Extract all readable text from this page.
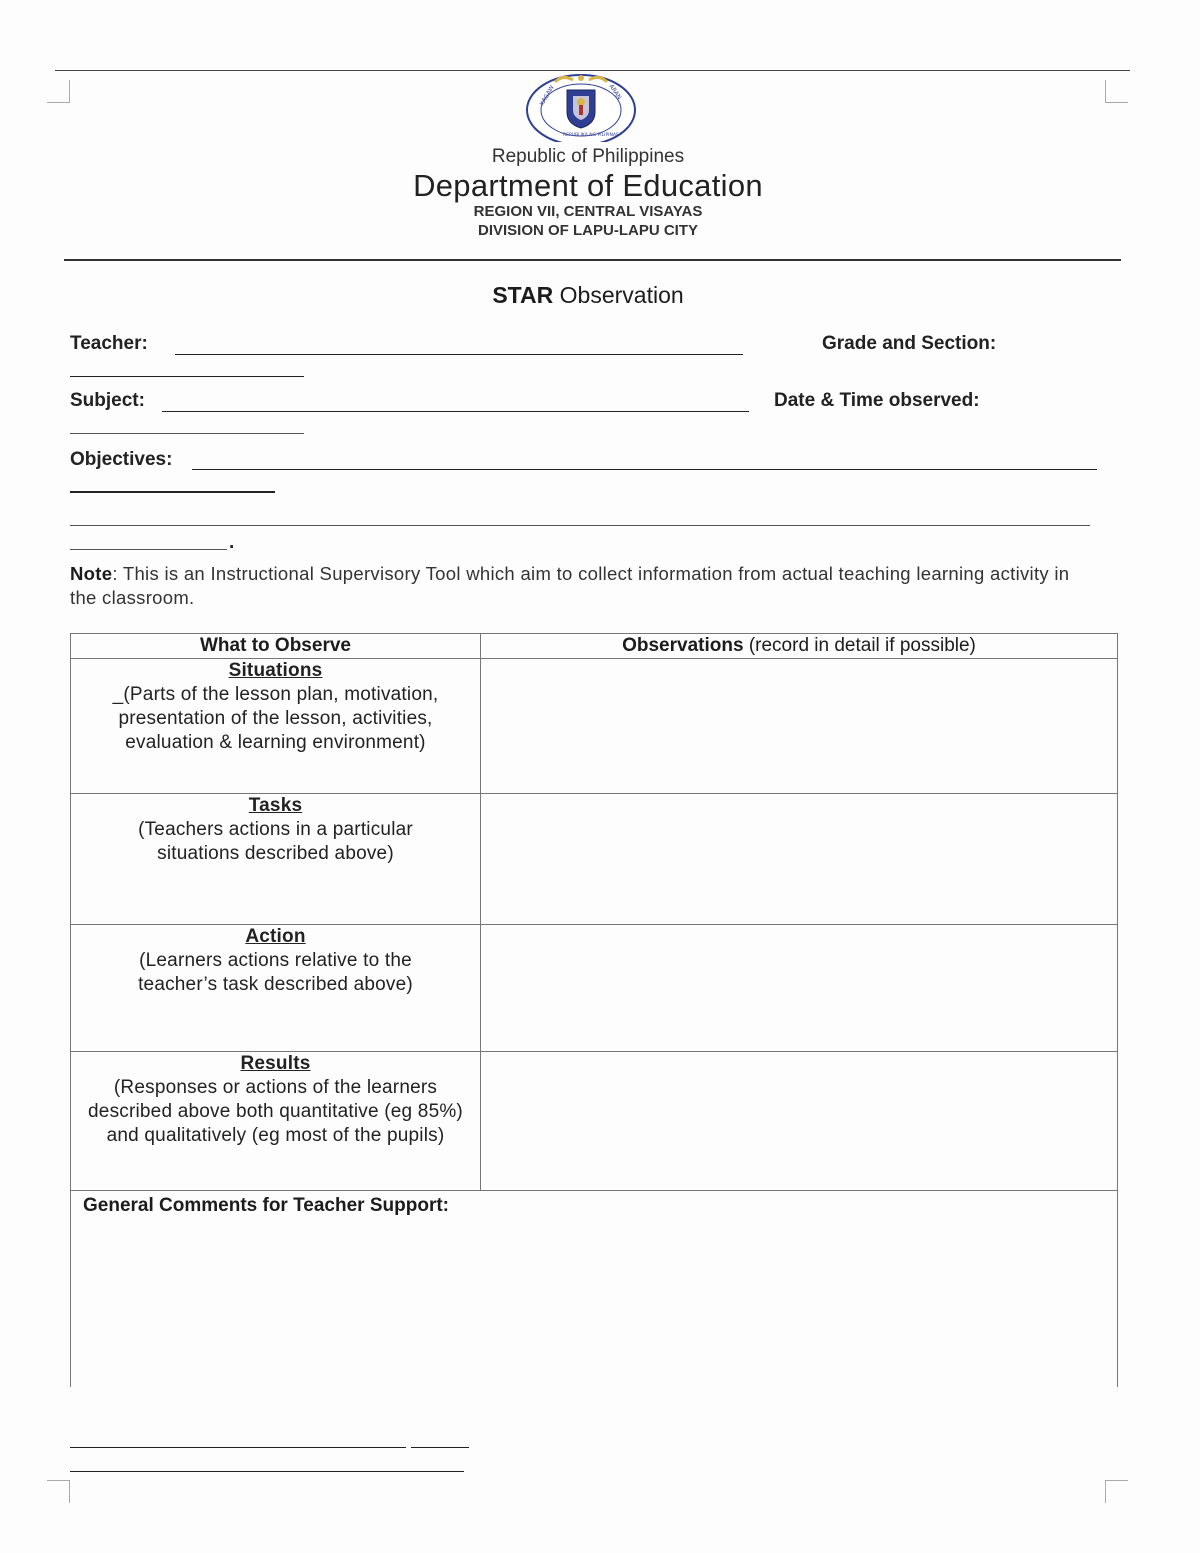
KAGAW	ARAN
REPUBLIKA NG PILIPINAS
Republic of Philippines
Department of Education
REGION VII, CENTRAL VISAYAS
DIVISION OF LAPU-LAPU CITY
STAR Observation
Teacher:	Grade and Section:
Subject:	Date & Time observed:
Objectives:
.
Note: This is an Instructional Supervisory Tool which aim to collect information from actual teaching learning activity in the classroom.
What to Observe	Observations (record in detail if possible)

Situations
_(Parts of the lesson plan, motivation, presentation of the lesson, activities, evaluation & learning environment)	

Tasks
(Teachers actions in a particular situations described above)	

Action
(Learners actions relative to the teacher’s task described above)	

Results
(Responses or actions of the learners described above both quantitative (eg 85%) and qualitatively (eg most of the pupils)	

General Comments for Teacher Support:	
